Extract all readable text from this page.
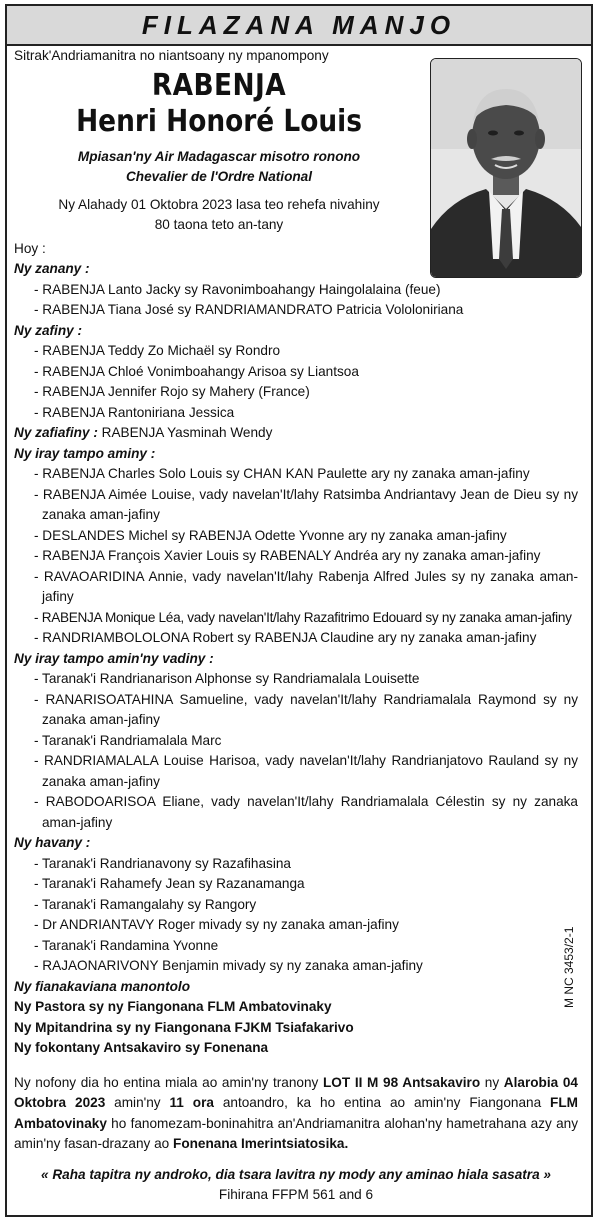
FILAZANA MANJO
Sitrak'Andriamanitra no niantsoany ny mpanompony
RABENJA
Henri Honoré Louis
Mpiasan'ny Air Madagascar misotro ronono
Chevalier de l'Ordre National
Ny Alahady 01 Oktobra 2023 lasa teo rehefa nivahiny
80 taona teto an-tany
Hoy :
Ny zanany :
- RABENJA Lanto Jacky sy Ravonimboahangy Haingolalaina (feue)
- RABENJA Tiana José sy RANDRIAMANDRATO Patricia Vololoniriana
Ny zafiny :
- RABENJA Teddy Zo Michaël sy Rondro
- RABENJA Chloé Vonimboahangy Arisoa sy Liantsoa
- RABENJA Jennifer Rojo sy Mahery (France)
- RABENJA Rantoniriana Jessica
Ny zafiafiny : RABENJA Yasminah Wendy
Ny iray tampo aminy :
- RABENJA Charles Solo Louis sy CHAN KAN Paulette ary ny zanaka aman-jafiny
- RABENJA Aimée Louise, vady navelan'It/lahy Ratsimba Andriantavy Jean de Dieu sy ny zanaka aman-jafiny
- DESLANDES Michel sy RABENJA Odette Yvonne ary ny zanaka aman-jafiny
- RABENJA François Xavier Louis sy RABENALY Andréa ary ny zanaka aman-jafiny
- RAVAOARIDINA Annie, vady navelan'It/lahy Rabenja Alfred Jules sy ny zanaka aman-jafiny
- RABENJA Monique Léa, vady navelan'It/lahy Razafitrimo Edouard sy ny zanaka aman-jafiny
- RANDRIAMBOLOLONA Robert sy RABENJA Claudine ary ny zanaka aman-jafiny
Ny iray tampo amin'ny vadiny :
- Taranak'i Randrianarison Alphonse sy Randriamalala Louisette
- RANARISOATAHINA Samueline, vady navelan'It/lahy Randriamalala Raymond sy ny zanaka aman-jafiny
- Taranak'i Randriamalala Marc
- RANDRIAMALALA Louise Harisoa, vady navelan'It/lahy Randrianjatovo Rauland sy ny zanaka aman-jafiny
- RABODOARISOA Eliane, vady navelan'It/lahy Randriamalala Célestin sy ny zanaka aman-jafiny
Ny havany :
- Taranak'i Randrianavony sy Razafihasina
- Taranak'i Rahamefy Jean sy Razanamanga
- Taranak'i Ramangalahy sy Rangory
- Dr ANDRIANTAVY Roger mivady sy ny zanaka aman-jafiny
- Taranak'i Randamina Yvonne
- RAJAONARIVONY Benjamin mivady sy ny zanaka aman-jafiny
Ny fianakaviana manontolo
Ny Pastora sy ny Fiangonana FLM Ambatovinaky
Ny Mpitandrina sy ny Fiangonana FJKM Tsiafakarivo
Ny fokontany Antsakaviro sy Fonenana
Ny nofony dia ho entina miala ao amin'ny tranony LOT II M 98 Antsakaviro ny Alarobia 04 Oktobra 2023 amin'ny 11 ora antoandro, ka ho entina ao amin'ny Fiangonana FLM Ambatovinaky ho fanomezam-boninahitra an'Andriamanitra alohan'ny hametrahana azy any amin'ny fasan-drazany ao Fonenana Imerintsiatosika.
« Raha tapitra ny androko, dia tsara lavitra ny mody any aminao hiala sasatra »
Fihirana FFPM 561 and 6
M NC 3453/2-1
